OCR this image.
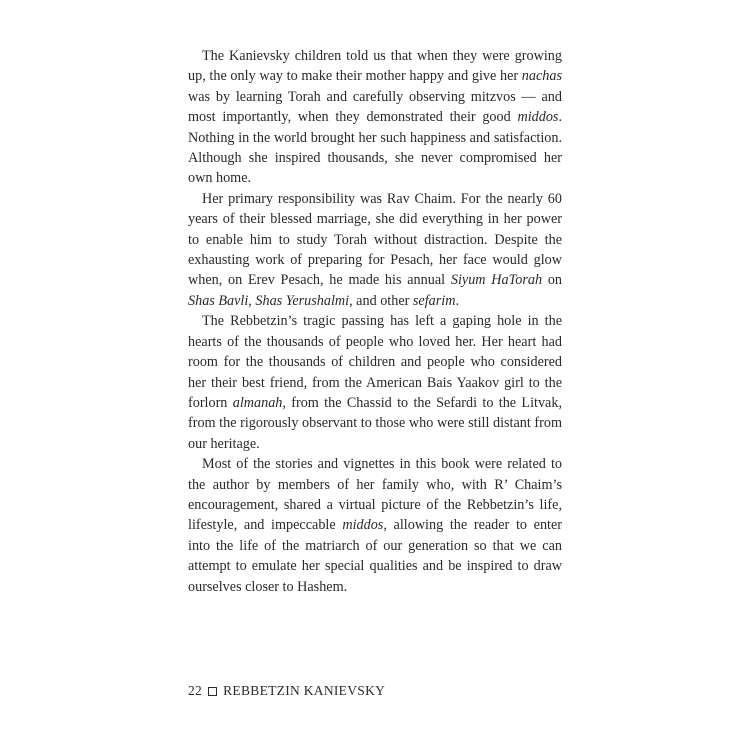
The Kanievsky children told us that when they were growing up, the only way to make their mother happy and give her nachas was by learning Torah and carefully observing mitzvos — and most importantly, when they demonstrated their good middos. Nothing in the world brought her such happiness and satisfaction. Although she inspired thousands, she never compromised her own home.

Her primary responsibility was Rav Chaim. For the nearly 60 years of their blessed marriage, she did everything in her power to enable him to study Torah without distraction. Despite the exhausting work of preparing for Pesach, her face would glow when, on Erev Pesach, he made his annual Siyum HaTorah on Shas Bavli, Shas Yerushalmi, and other sefarim.

The Rebbetzin’s tragic passing has left a gaping hole in the hearts of the thousands of people who loved her. Her heart had room for the thousands of children and people who considered her their best friend, from the American Bais Yaakov girl to the forlorn almanah, from the Chassid to the Sefardi to the Litvak, from the rigorously observant to those who were still distant from our heritage.

Most of the stories and vignettes in this book were related to the author by members of her family who, with R’ Chaim’s encouragement, shared a virtual picture of the Rebbetzin’s life, lifestyle, and impeccable middos, allowing the reader to enter into the life of the matriarch of our generation so that we can attempt to emulate her special qualities and be inspired to draw ourselves closer to Hashem.

22 REBBETZIN KANIEVSKY
